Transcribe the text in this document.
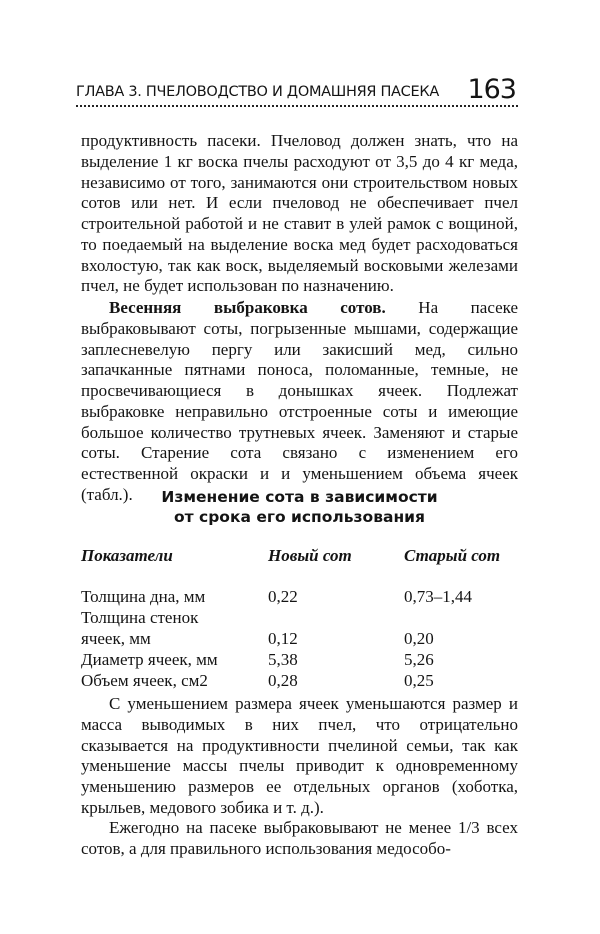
ГЛАВА 3. ПЧЕЛОВОДСТВО И ДОМАШНЯЯ ПАСЕКА 163

продуктивность пасеки. Пчеловод должен знать, что на выделение 1 кг воска пчелы расходуют от 3,5 до 4 кг меда, независимо от того, занимаются они строительством новых сотов или нет. И если пчеловод не обеспечивает пчел строительной работой и не ставит в улей рамок с вощиной, то поедаемый на выделение воска мед будет расходоваться вхолостую, так как воск, выделяемый восковыми железами пчел, не будет использован по назначению.

Весенняя выбраковка сотов. На пасеке выбраковывают соты, погрызенные мышами, содержащие заплесневелую пергу или закисший мед, сильно запачканные пятнами поноса, поломанные, темные, не просвечивающиеся в донышках ячеек. Подлежат выбраковке неправильно отстроенные соты и имеющие большое количество трутневых ячеек. Заменяют и старые соты. Старение сота связано с изменением его естественной окраски и и уменьшением объема ячеек (табл.).	Изменение сота в зависимости
от срока его использования
Показатели	Новый сот	Старый сот

Толщина дна, мм	0,22	0,73–1,44
Толщина стенок		
ячеек, мм	0,12	0,20
Диаметр ячеек, мм	5,38	5,26
Объем ячеек, см2	0,28	0,25

С уменьшением размера ячеек уменьшаются размер и масса выводимых в них пчел, что отрицательно сказывается на продуктивности пчелиной семьи, так как уменьшение массы пчелы приводит к одновременному уменьшению размеров ее отдельных органов (хоботка, крыльев, медового зобика и т. д.).

Ежегодно на пасеке выбраковывают не менее 1/3 всех сотов, а для правильного использования медособо-
